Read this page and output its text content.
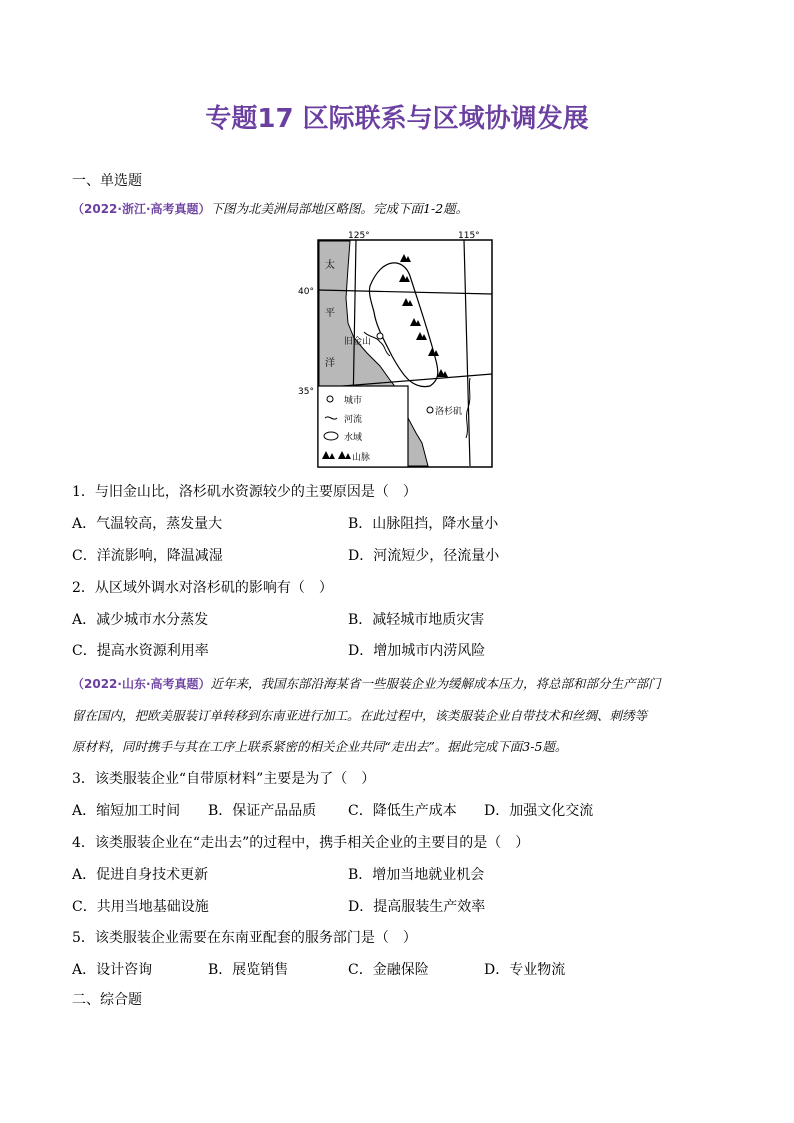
专题17 区际联系与区域协调发展
一、单选题
（2022·浙江·高考真题）下图为北美洲局部地区略图。完成下面1-2题。
125°	115°
40°
35°
太
平
洋
旧金山
洛杉矶
城市
河流
水域
山脉
1．与旧金山比，洛杉矶水资源较少的主要原因是（　）
A．气温较高，蒸发量大	B．山脉阻挡，降水量小
C．洋流影响，降温减湿	D．河流短少，径流量小
2．从区域外调水对洛杉矶的影响有（　）
A．减少城市水分蒸发	B．减轻城市地质灾害
C．提高水资源利用率	D．增加城市内涝风险
（2022·山东·高考真题）近年来，我国东部沿海某省一些服装企业为缓解成本压力，将总部和部分生产部门
留在国内，把欧美服装订单转移到东南亚进行加工。在此过程中，该类服装企业自带技术和丝绸、刺绣等
原材料，同时携手与其在工序上联系紧密的相关企业共同“走出去”。据此完成下面3-5题。
3．该类服装企业“自带原材料”主要是为了（　）
A．缩短加工时间 B．保证产品品质 C．降低生产成本 D．加强文化交流
4．该类服装企业在“走出去”的过程中，携手相关企业的主要目的是（　）
A．促进自身技术更新	B．增加当地就业机会
C．共用当地基础设施	D．提高服装生产效率
5．该类服装企业需要在东南亚配套的服务部门是（　）
A．设计咨询	B．展览销售	C．金融保险	D．专业物流
二、综合题
